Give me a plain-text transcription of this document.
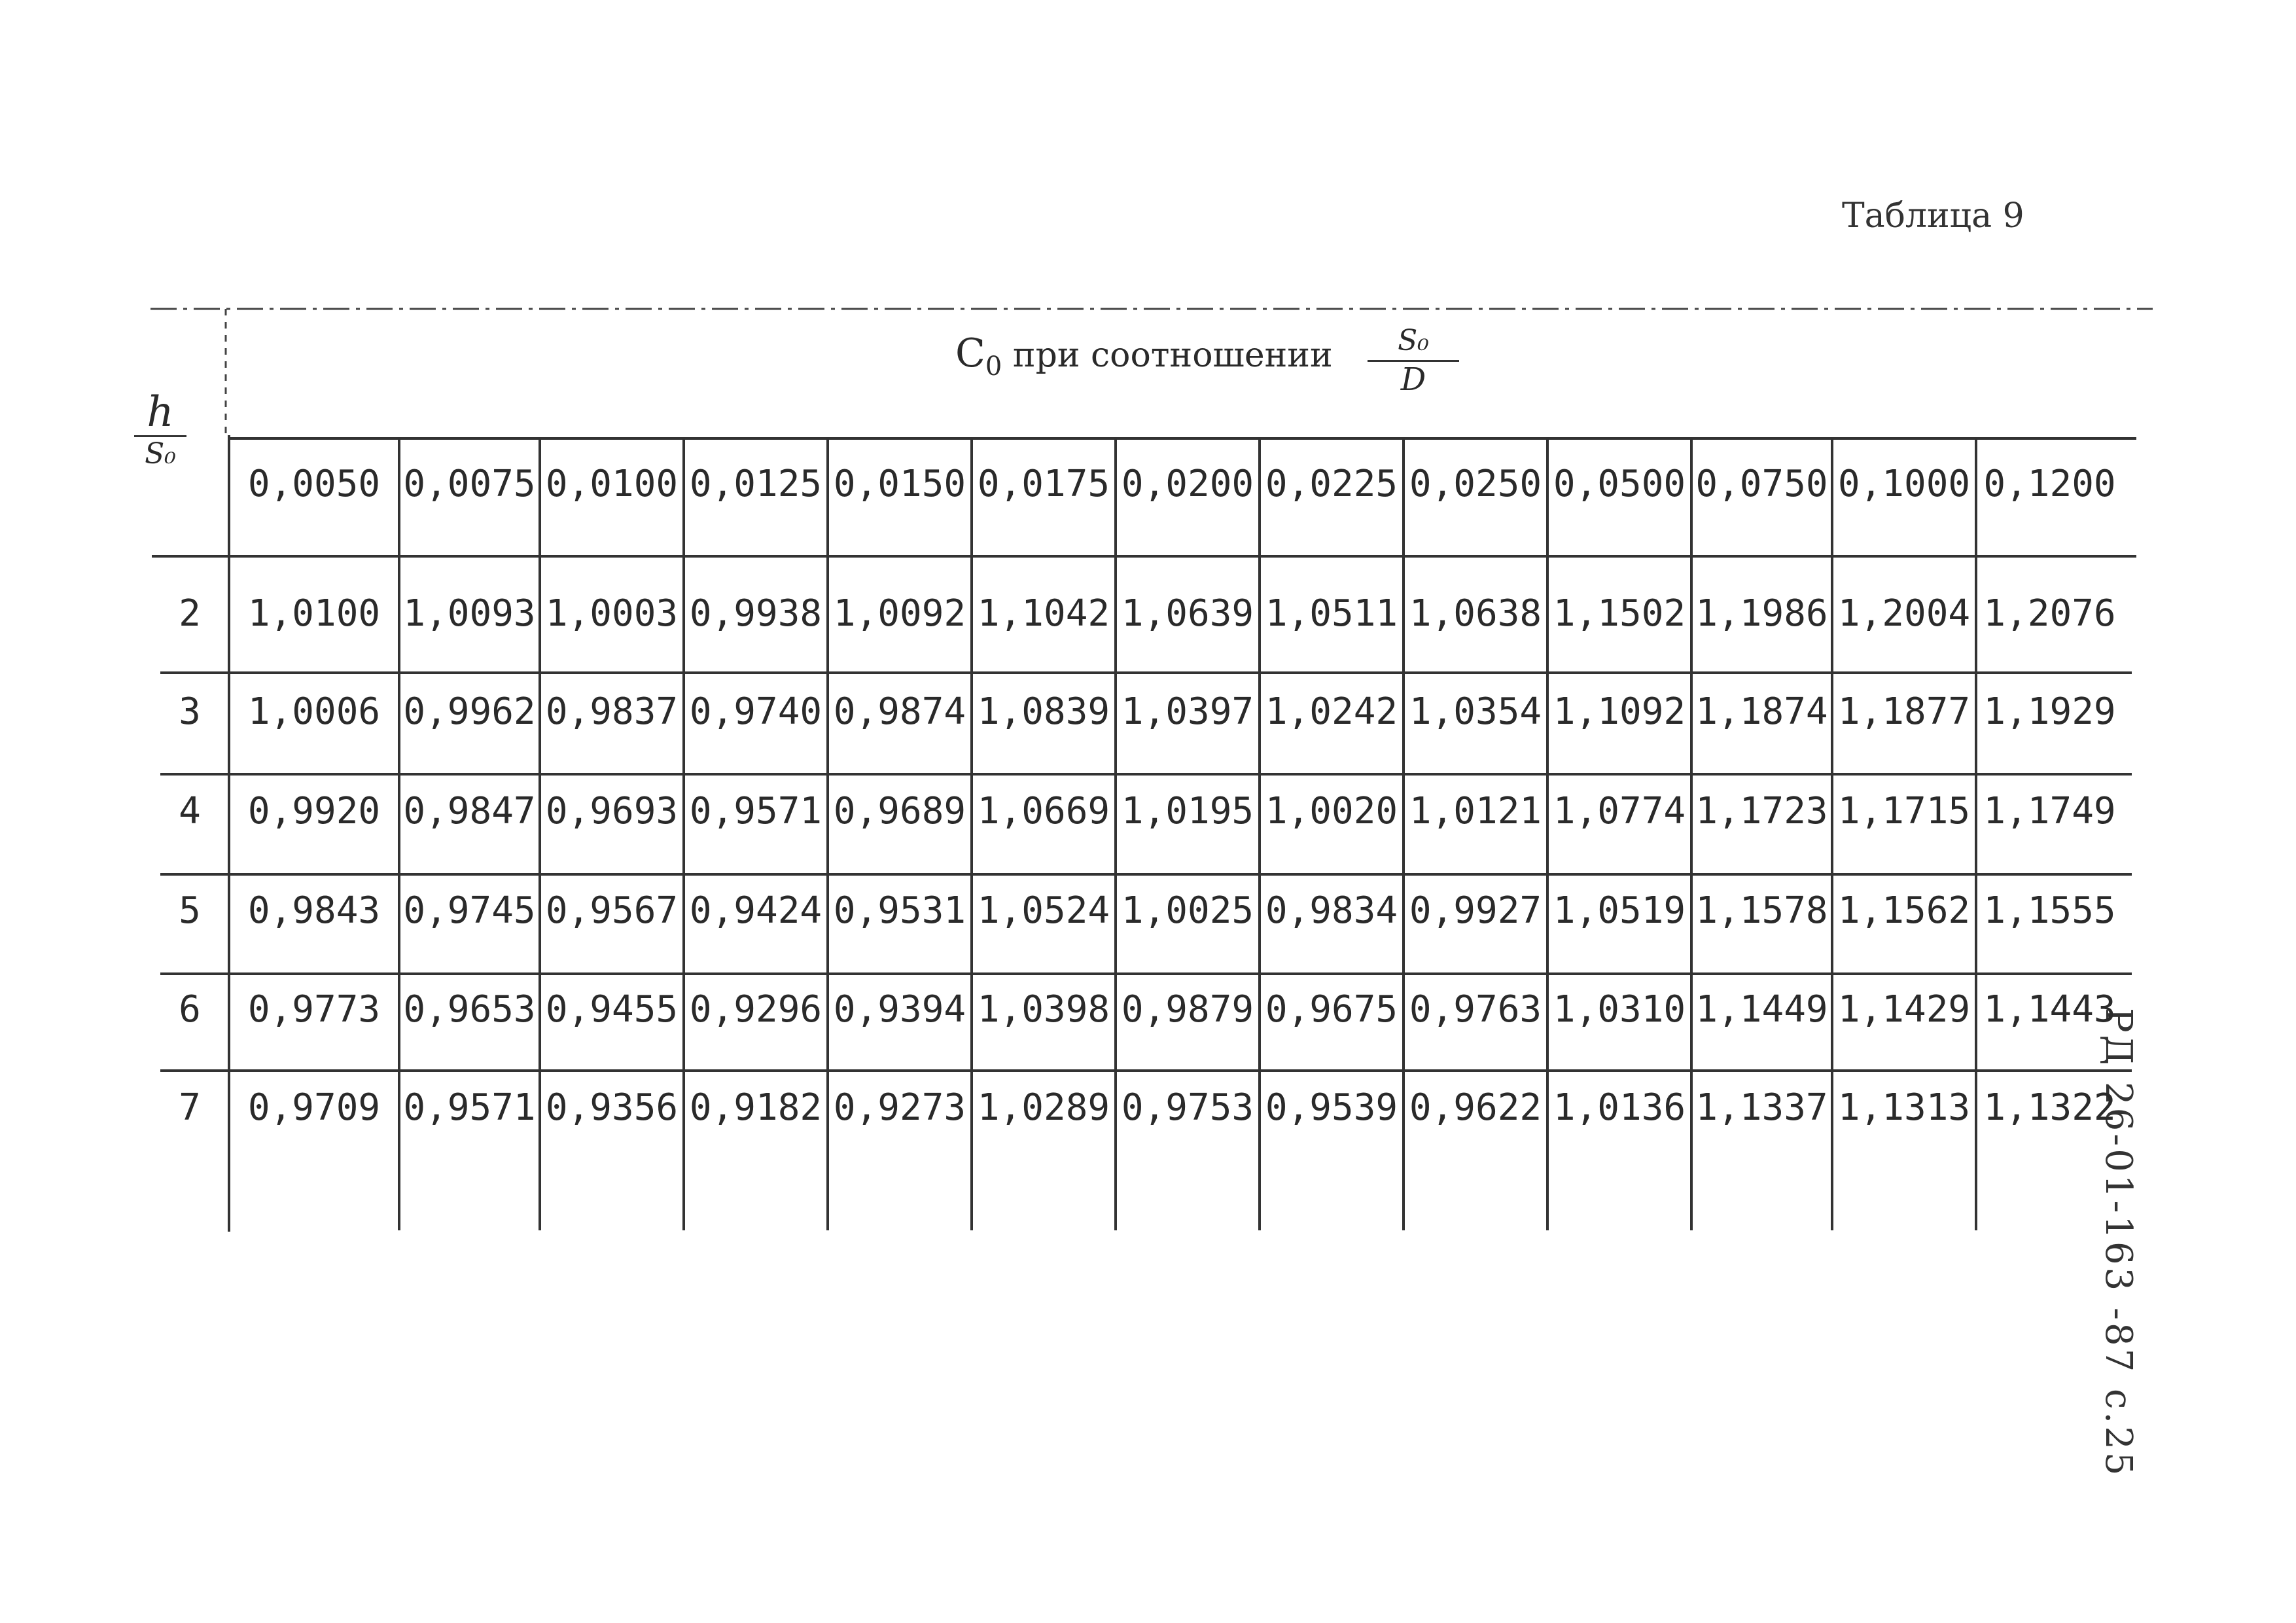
Таблица 9
РД 26-01-163 -87 с.25
$C_0$ при соотношении $\frac{\text{S₀}}{D}$
h
S₀
0,0050 0,0075 0,0100 0,0125 0,0150 0,0175 0,0200 0,0225 0,0250 0,0500 0,0750 0,1000 0,1200
2	1,0100 1,0093 1,0003 0,9938 1,0092 1,1042 1,0639 1,0511 1,0638 1,1502 1,1986 1,2004 1,2076
3	1,0006 0,9962 0,9837 0,9740 0,9874 1,0839 1,0397 1,0242 1,0354 1,1092 1,1874 1,1877 1,1929
4	0,9920 0,9847 0,9693 0,9571 0,9689 1,0669 1,0195 1,0020 1,0121 1,0774 1,1723 1,1715 1,1749
5	0,9843 0,9745 0,9567 0,9424 0,9531 1,0524 1,0025 0,9834 0,9927 1,0519 1,1578 1,1562 1,1555
6	0,9773 0,9653 0,9455 0,9296 0,9394 1,0398 0,9879 0,9675 0,9763 1,0310 1,1449 1,1429 1,1443
7	0,9709 0,9571 0,9356 0,9182 0,9273 1,0289 0,9753 0,9539 0,9622 1,0136 1,1337 1,1313 1,1322
